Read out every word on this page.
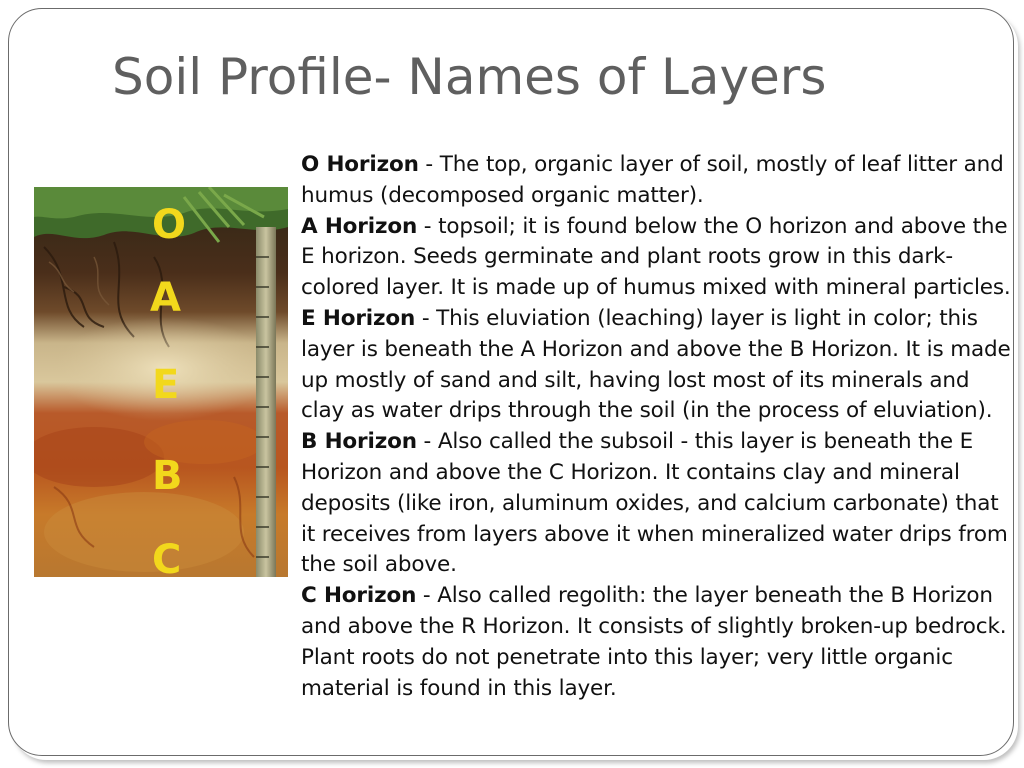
Soil Profile- Names of Layers
O
A
E
B
C

O Horizon - The top, organic layer of soil, mostly of leaf litter and humus (decomposed organic matter).

A Horizon - topsoil; it is found below the O horizon and above the E horizon. Seeds germinate and plant roots grow in this dark-colored layer. It is made up of humus mixed with mineral particles.

E Horizon - This eluviation (leaching) layer is light in color; this layer is beneath the A Horizon and above the B Horizon. It is made up mostly of sand and silt, having lost most of its minerals and clay as water drips through the soil (in the process of eluviation).

B Horizon - Also called the subsoil - this layer is beneath the E Horizon and above the C Horizon. It contains clay and mineral deposits (like iron, aluminum oxides, and calcium carbonate) that it receives from layers above it when mineralized water drips from the soil above.

C Horizon - Also called regolith: the layer beneath the B Horizon and above the R Horizon. It consists of slightly broken-up bedrock. Plant roots do not penetrate into this layer; very little organic material is found in this layer.
